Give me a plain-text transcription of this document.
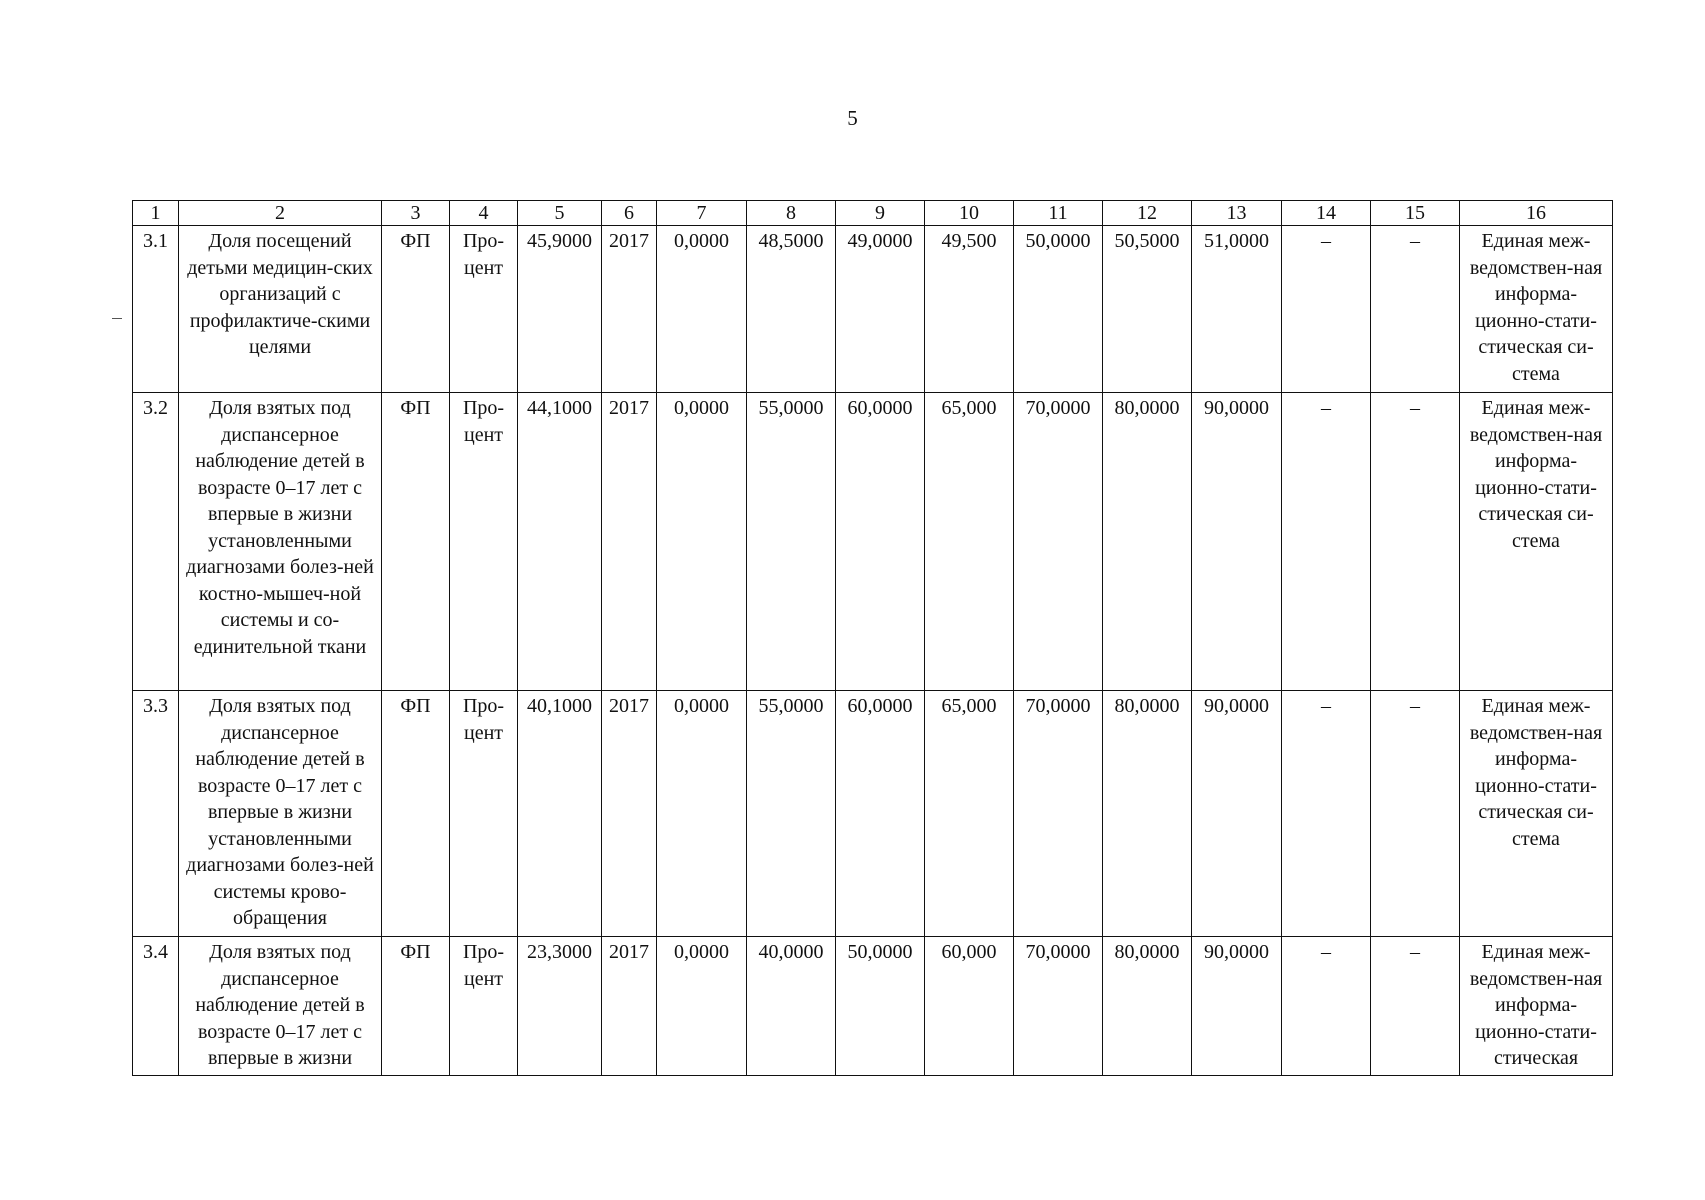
5
1	2	3	4	5	6	7	8	9	10	11	12	13	14	15	16
3.1	Доля посещений детьми медицин-ских организаций с профилактиче-скими целями	ФП	Про-цент	45,9000	2017	0,0000	48,5000	49,0000	49,500	50,0000	50,5000	51,0000	–	–	Единая меж-ведомствен-ная информа-ционно-стати-стическая си-стема
3.2	Доля взятых под диспансерное наблюдение детей в возрасте 0–17 лет с впервые в жизни установленными диагнозами болез-ней костно-мышеч-ной системы и со-единительной ткани	ФП	Про-цент	44,1000	2017	0,0000	55,0000	60,0000	65,000	70,0000	80,0000	90,0000	–	–	Единая меж-ведомствен-ная информа-ционно-стати-стическая си-стема
3.3	Доля взятых под диспансерное наблюдение детей в возрасте 0–17 лет с впервые в жизни установленными диагнозами болез-ней системы крово-обращения	ФП	Про-цент	40,1000	2017	0,0000	55,0000	60,0000	65,000	70,0000	80,0000	90,0000	–	–	Единая меж-ведомствен-ная информа-ционно-стати-стическая си-стема
3.4	Доля взятых под диспансерное наблюдение детей в возрасте 0–17 лет с впервые в жизни	ФП	Про-цент	23,3000	2017	0,0000	40,0000	50,0000	60,000	70,0000	80,0000	90,0000	–	–	Единая меж-ведомствен-ная информа-ционно-стати-стическая
